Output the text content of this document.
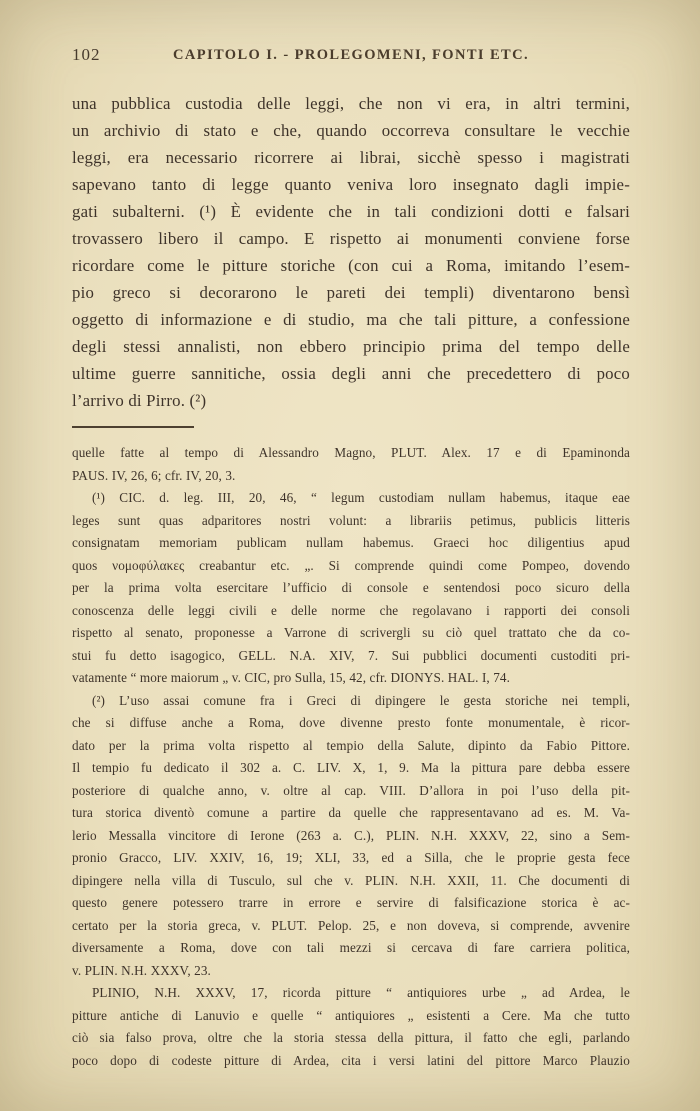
102	CAPITOLO I. - PROLEGOMENI, FONTI ETC.
una pubblica custodia delle leggi, che non vi era, in altri termini,
un archivio di stato e che, quando occorreva consultare le vecchie
leggi, era necessario ricorrere ai librai, sicchè spesso i magistrati
sapevano tanto di legge quanto veniva loro insegnato dagli impie-
gati subalterni. (¹) È evidente che in tali condizioni dotti e falsari
trovassero libero il campo. E rispetto ai monumenti conviene forse
ricordare come le pitture storiche (con cui a Roma, imitando l’esem-
pio greco si decorarono le pareti dei templi) diventarono bensì
oggetto di informazione e di studio, ma che tali pitture, a confessione
degli stessi annalisti, non ebbero principio prima del tempo delle
ultime guerre sannitiche, ossia degli anni che precedettero di poco
l’arrivo di Pirro. (²)
quelle fatte al tempo di Alessandro Magno, PLUT. Alex. 17 e di Epaminonda
PAUS. IV, 26, 6; cfr. IV, 20, 3.
(¹) CIC. d. leg. III, 20, 46, “ legum custodiam nullam habemus, itaque eae
leges sunt quas adparitores nostri volunt: a librariis petimus, publicis litteris
consignatam memoriam publicam nullam habemus. Graeci hoc diligentius apud
quos νομοφύλακες creabantur etc. „. Si comprende quindi come Pompeo, dovendo
per la prima volta esercitare l’ufficio di console e sentendosi poco sicuro della
conoscenza delle leggi civili e delle norme che regolavano i rapporti dei consoli
rispetto al senato, proponesse a Varrone di scrivergli su ciò quel trattato che da co-
stui fu detto isagogico, GELL. N.A. XIV, 7. Sui pubblici documenti custoditi pri-
vatamente “ more maiorum „ v. CIC, pro Sulla, 15, 42, cfr. DIONYS. HAL. I, 74.
(²) L’uso assai comune fra i Greci di dipingere le gesta storiche nei templi,
che si diffuse anche a Roma, dove divenne presto fonte monumentale, è ricor-
dato per la prima volta rispetto al tempio della Salute, dipinto da Fabio Pittore.
Il tempio fu dedicato il 302 a. C. LIV. X, 1, 9. Ma la pittura pare debba essere
posteriore di qualche anno, v. oltre al cap. VIII. D’allora in poi l’uso della pit-
tura storica diventò comune a partire da quelle che rappresentavano ad es. M. Va-
lerio Messalla vincitore di Ierone (263 a. C.), PLIN. N.H. XXXV, 22, sino a Sem-
pronio Gracco, LIV. XXIV, 16, 19; XLI, 33, ed a Silla, che le proprie gesta fece
dipingere nella villa di Tusculo, sul che v. PLIN. N.H. XXII, 11. Che documenti di
questo genere potessero trarre in errore e servire di falsificazione storica è ac-
certato per la storia greca, v. PLUT. Pelop. 25, e non doveva, si comprende, avvenire
diversamente a Roma, dove con tali mezzi si cercava di fare carriera politica,
v. PLIN. N.H. XXXV, 23.
PLINIO, N.H. XXXV, 17, ricorda pitture “ antiquiores urbe „ ad Ardea, le
pitture antiche di Lanuvio e quelle “ antiquiores „ esistenti a Cere. Ma che tutto
ciò sia falso prova, oltre che la storia stessa della pittura, il fatto che egli, parlando
poco dopo di codeste pitture di Ardea, cita i versi latini del pittore Marco Plauzio
